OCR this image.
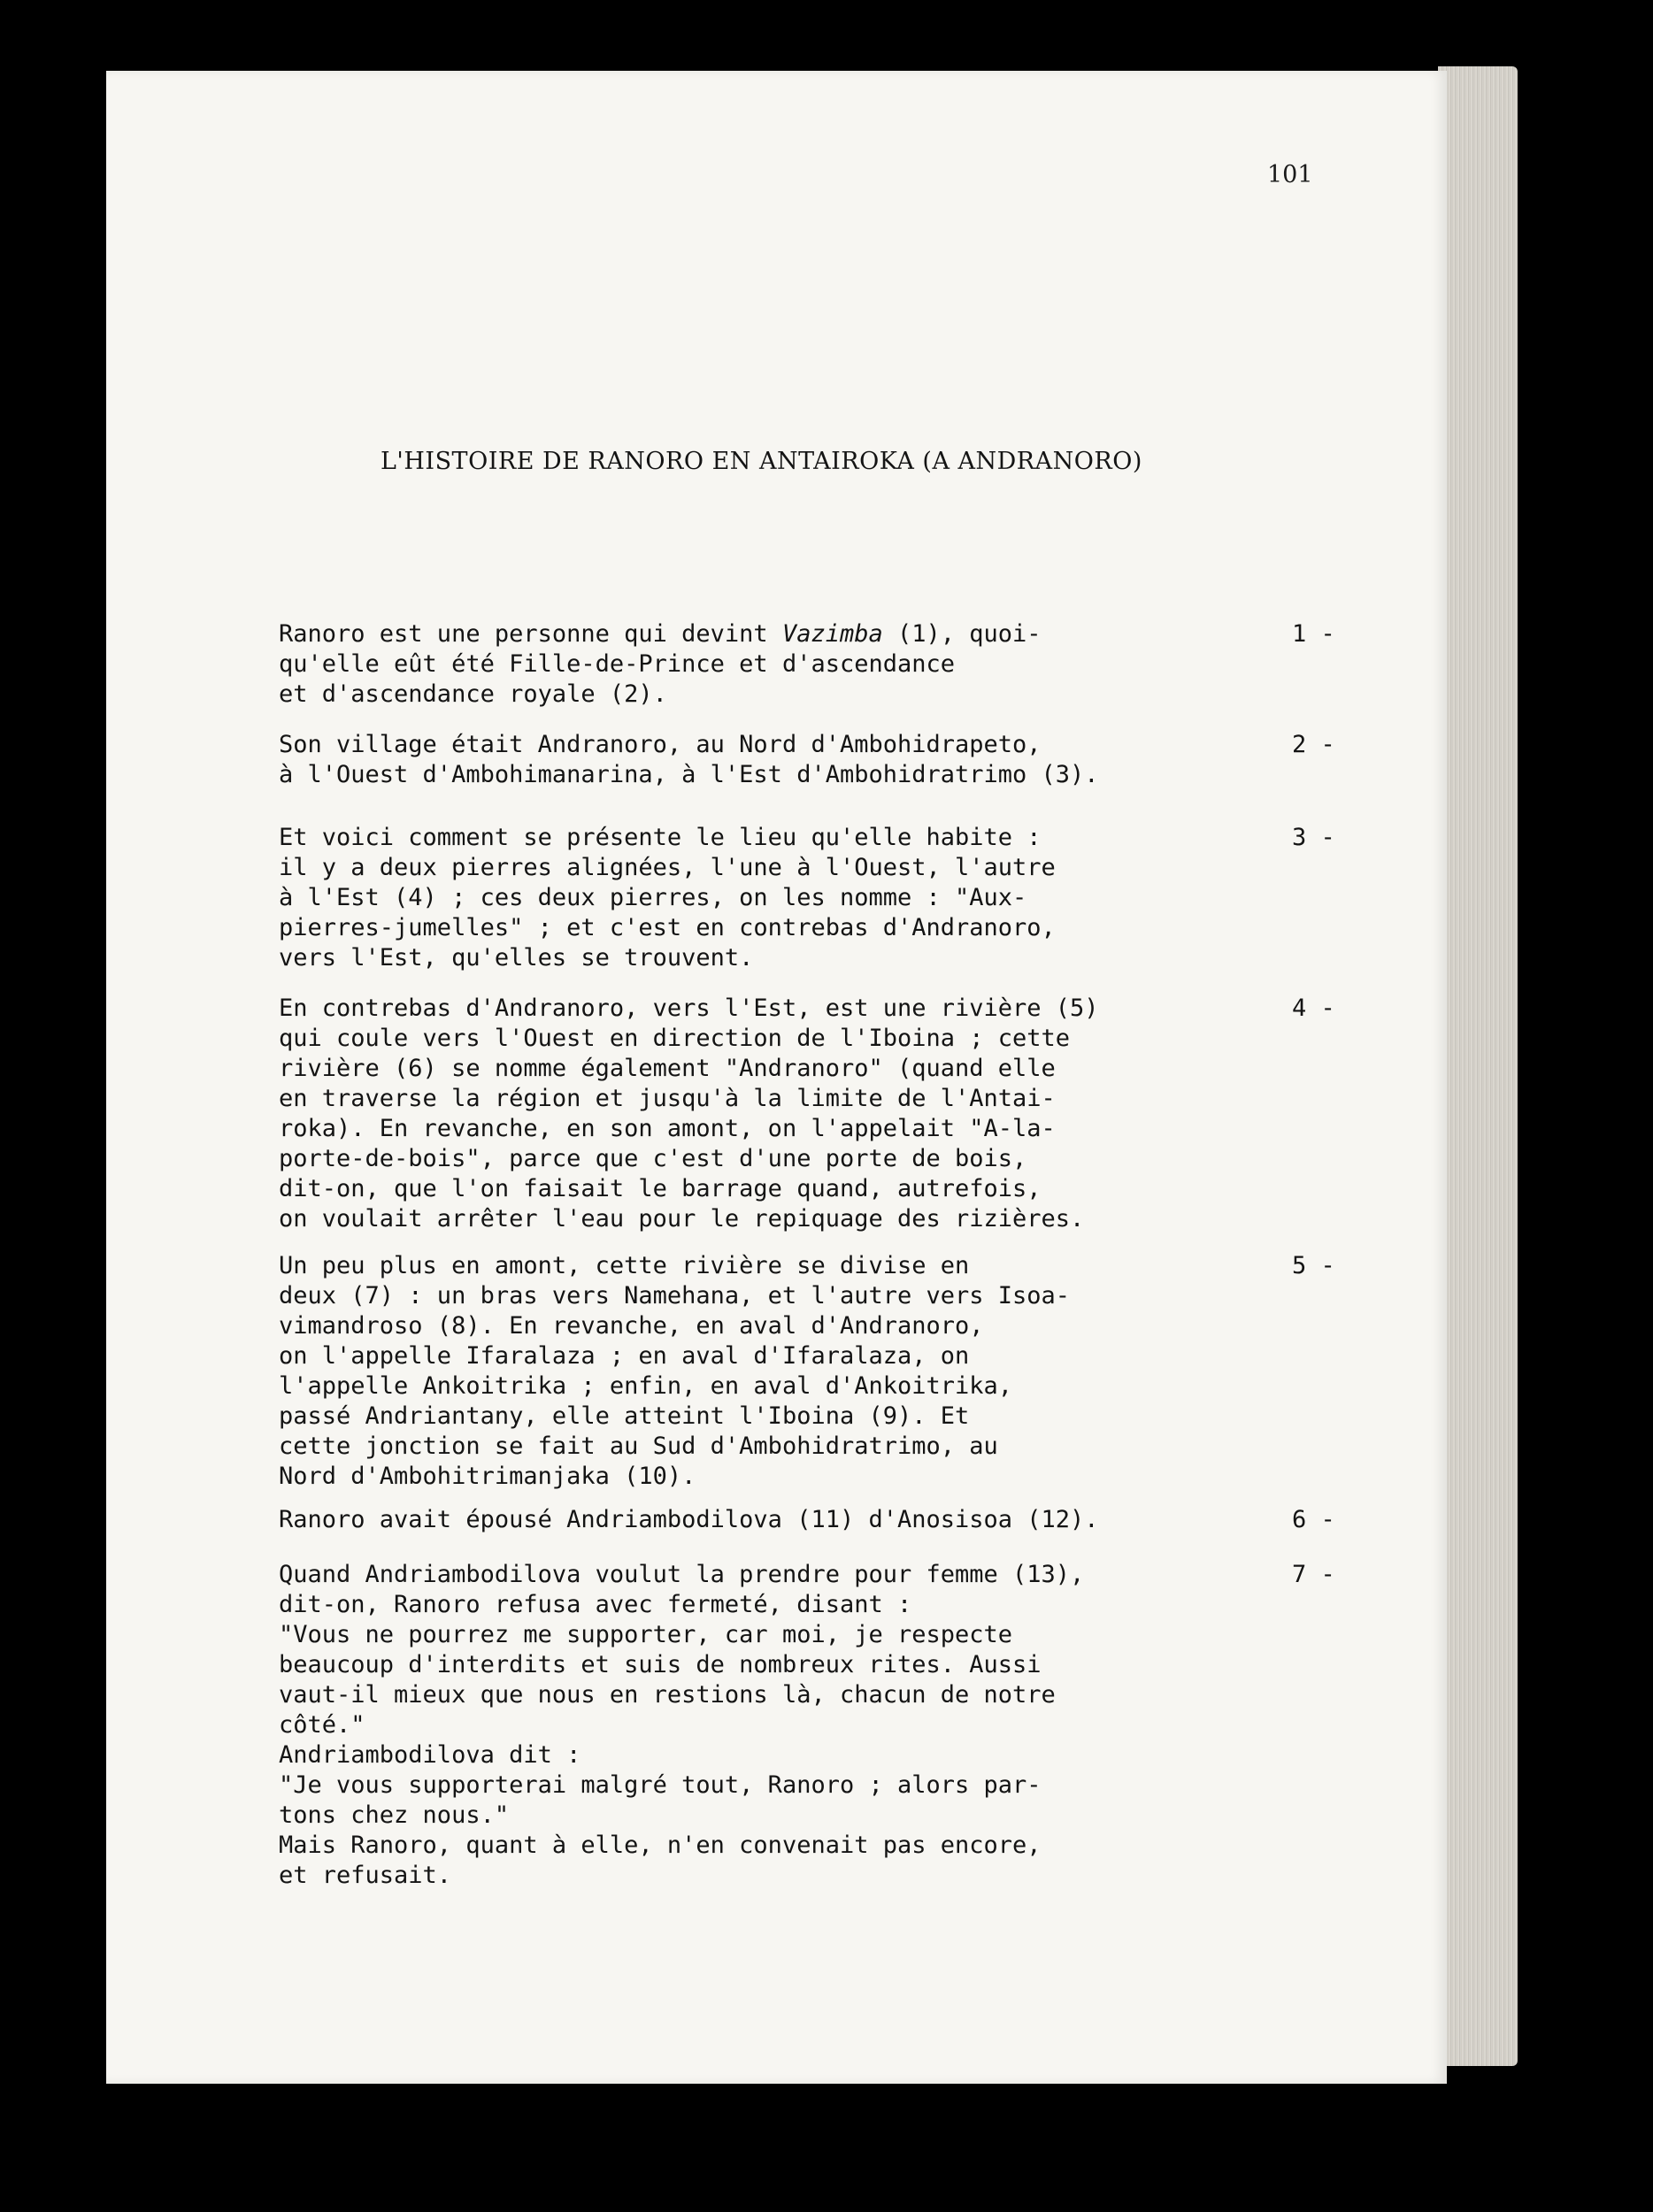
101
L'HISTOIRE DE RANORO EN ANTAIROKA (A ANDRANORO)
Ranoro est une personne qui devint Vazimba (1), quoi-
qu'elle eût été Fille-de-Prince et d'ascendance
et d'ascendance royale (2).
1 -
Son village était Andranoro, au Nord d'Ambohidrapeto,
à l'Ouest d'Ambohimanarina, à l'Est d'Ambohidratrimo (3).
2 -
Et voici comment se présente le lieu qu'elle habite :
il y a deux pierres alignées, l'une à l'Ouest, l'autre
à l'Est (4) ; ces deux pierres, on les nomme : "Aux-
pierres-jumelles" ; et c'est en contrebas d'Andranoro,
vers l'Est, qu'elles se trouvent.
3 -
En contrebas d'Andranoro, vers l'Est, est une rivière (5)
qui coule vers l'Ouest en direction de l'Iboina ; cette
rivière (6) se nomme également "Andranoro" (quand elle
en traverse la région et jusqu'à la limite de l'Antai-
roka). En revanche, en son amont, on l'appelait "A-la-
porte-de-bois", parce que c'est d'une porte de bois,
dit-on, que l'on faisait le barrage quand, autrefois,
on voulait arrêter l'eau pour le repiquage des rizières.
4 -
Un peu plus en amont, cette rivière se divise en
deux (7) : un bras vers Namehana, et l'autre vers Isoa-
vimandroso (8). En revanche, en aval d'Andranoro,
on l'appelle Ifaralaza ; en aval d'Ifaralaza, on
l'appelle Ankoitrika ; enfin, en aval d'Ankoitrika,
passé Andriantany, elle atteint l'Iboina (9). Et
cette jonction se fait au Sud d'Ambohidratrimo, au
Nord d'Ambohitrimanjaka (10).
5 -
Ranoro avait épousé Andriambodilova (11) d'Anosisoa (12).	6 -
Quand Andriambodilova voulut la prendre pour femme (13),
dit-on, Ranoro refusa avec fermeté, disant :
"Vous ne pourrez me supporter, car moi, je respecte
beaucoup d'interdits et suis de nombreux rites. Aussi
vaut-il mieux que nous en restions là, chacun de notre
côté."
Andriambodilova dit :
"Je vous supporterai malgré tout, Ranoro ; alors par-
tons chez nous."
Mais Ranoro, quant à elle, n'en convenait pas encore,
et refusait.
7 -
